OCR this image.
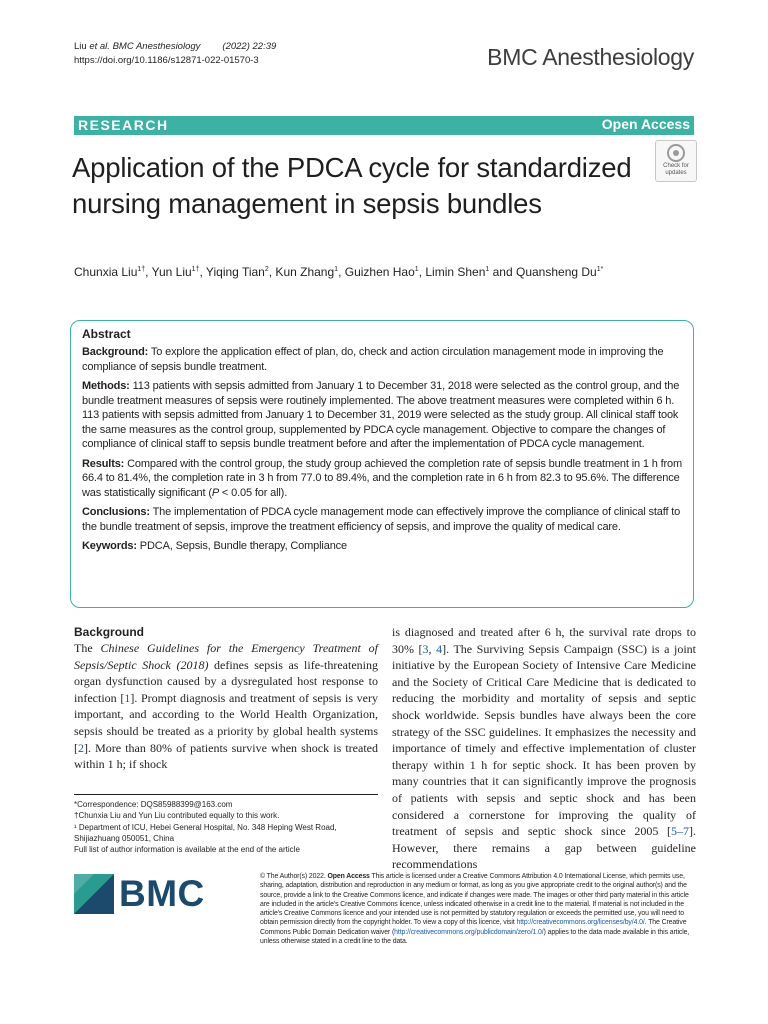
Liu et al. BMC Anesthesiology (2022) 22:39
https://doi.org/10.1186/s12871-022-01570-3	BMC Anesthesiology
RESEARCH	Open Access
Application of the PDCA cycle for standardized nursing management in sepsis bundles
Check for
updates
Chunxia Liu$^{1\dagger}$, Yun Liu$^{1\dagger}$, Yiqing Tian$^2$, Kun Zhang$^1$, Guizhen Hao$^1$, Limin Shen$^1$ and Quansheng $Du^{1*}$
Abstract

Background: To explore the application effect of plan, do, check and action circulation management mode in improving the compliance of sepsis bundle treatment.

Methods: 113 patients with sepsis admitted from January 1 to December 31, 2018 were selected as the control group, and the bundle treatment measures of sepsis were routinely implemented. The above treatment measures were completed within 6 h. 113 patients with sepsis admitted from January 1 to December 31, 2019 were selected as the study group. All clinical staff took the same measures as the control group, supplemented by PDCA cycle management. Objective to compare the changes of compliance of clinical staff to sepsis bundle treatment before and after the implementation of PDCA cycle management.

Results: Compared with the control group, the study group achieved the completion rate of sepsis bundle treatment in 1 h from 66.4 to 81.4%, the completion rate in 3 h from 77.0 to 89.4%, and the completion rate in 6 h from 82.3 to 95.6%. The difference was statistically significant (P < 0.05 for all).

Conclusions: The implementation of PDCA cycle management mode can effectively improve the compliance of clinical staff to the bundle treatment of sepsis, improve the treatment efficiency of sepsis, and improve the quality of medical care.

Keywords: PDCA, Sepsis, Bundle therapy, Compliance

Background

The Chinese Guidelines for the Emergency Treatment of Sepsis/Septic Shock (2018) defines sepsis as life-threatening organ dysfunction caused by a dysregulated host response to infection [1]. Prompt diagnosis and treatment of sepsis is very important, and according to the World Health Organization, sepsis should be treated as a priority by global health systems [2]. More than 80% of patients survive when shock is treated within 1 h; if shock

is diagnosed and treated after 6 h, the survival rate drops to 30% [3, 4]. The Surviving Sepsis Campaign (SSC) is a joint initiative by the European Society of Intensive Care Medicine and the Society of Critical Care Medicine that is dedicated to reducing the morbidity and mortality of sepsis and septic shock worldwide. Sepsis bundles have always been the core strategy of the SSC guidelines. It emphasizes the necessity and importance of timely and effective implementation of cluster therapy within 1 h for septic shock. It has been proven by many countries that it can significantly improve the prognosis of patients with sepsis and septic shock and has been considered a cornerstone for improving the quality of treatment of sepsis and septic shock since 2005 [5–7]. However, there remains a gap between guideline recommendations

*Correspondence: DQS85988399@163.com
†Chunxia Liu and Yun Liu contributed equally to this work.
¹ Department of ICU, Hebei General Hospital, No. 348 Heping West Road,
Shijiazhuang 050051, China
Full list of author information is available at the end of the article
BMC	© The Author(s) 2022. Open Access This article is licensed under a Creative Commons Attribution 4.0 International License, which permits use, sharing, adaptation, distribution and reproduction in any medium or format, as long as you give appropriate credit to the original author(s) and the source, provide a link to the Creative Commons licence, and indicate if changes were made. The images or other third party material in this article are included in the article's Creative Commons licence, unless indicated otherwise in a credit line to the material. If material is not included in the article's Creative Commons licence and your intended use is not permitted by statutory regulation or exceeds the permitted use, you will need to obtain permission directly from the copyright holder. To view a copy of this licence, visit http://creativecommons.org/licenses/by/4.0/. The Creative Commons Public Domain Dedication waiver (http://creativecommons.org/publicdomain/zero/1.0/) applies to the data made available in this article, unless otherwise stated in a credit line to the data.
